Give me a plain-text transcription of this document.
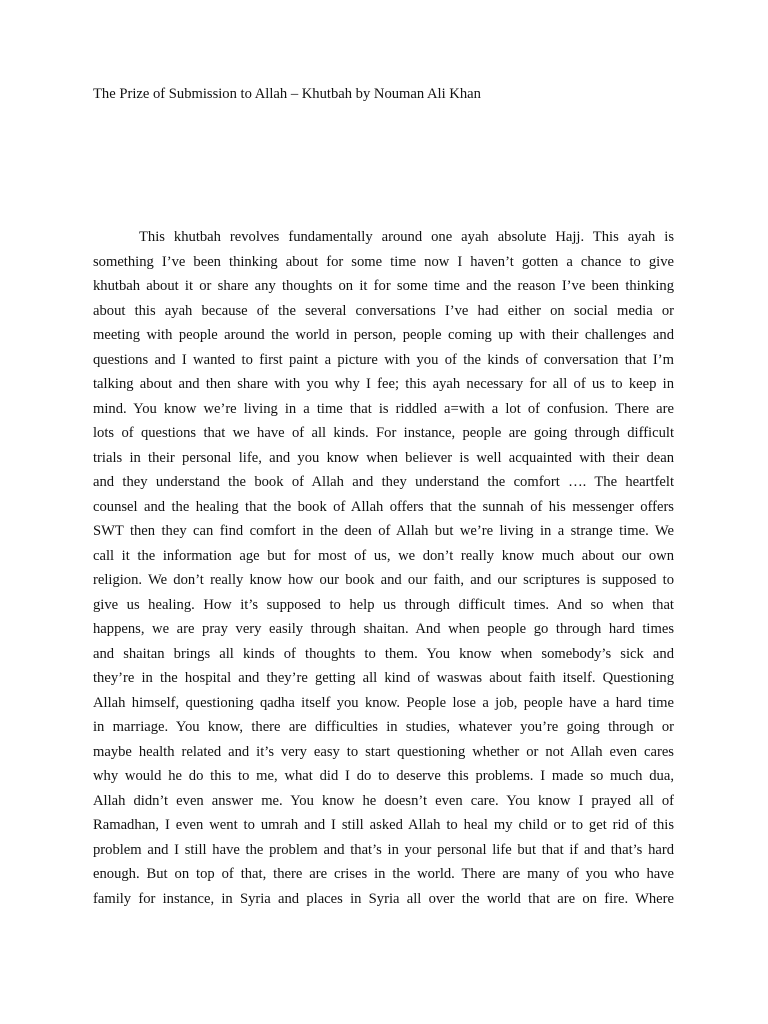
The Prize of Submission to Allah – Khutbah by Nouman Ali Khan
This khutbah revolves fundamentally around one ayah absolute Hajj. This ayah is
something I’ve been thinking about for some time now I haven’t gotten a chance to give
khutbah about it or share any thoughts on it for some time and the reason I’ve been thinking
about this ayah because of the several conversations I’ve had either on social media or
meeting with people around the world in person, people coming up with their challenges and
questions and I wanted to first paint a picture with you of the kinds of conversation that I’m
talking about and then share with you why I fee; this ayah necessary for all of us to keep in
mind. You know we’re living in a time that is riddled a=with a lot of confusion. There are
lots of questions that we have of all kinds. For instance, people are going through difficult
trials in their personal life, and you know when believer is well acquainted with their dean
and they understand the book of Allah and they understand the comfort …. The heartfelt
counsel and the healing that the book of Allah offers that the sunnah of his messenger offers
SWT then they can find comfort in the deen of Allah but we’re living in a strange time. We
call it the information age but for most of us, we don’t really know much about our own
religion. We don’t really know how our book and our faith, and our scriptures is supposed to
give us healing. How it’s supposed to help us through difficult times. And so when that
happens, we are pray very easily through shaitan. And when people go through hard times
and shaitan brings all kinds of thoughts to them. You know when somebody’s sick and
they’re in the hospital and they’re getting all kind of waswas about faith itself. Questioning
Allah himself, questioning qadha itself you know. People lose a job, people have a hard time
in marriage. You know, there are difficulties in studies, whatever you’re going through or
maybe health related and it’s very easy to start questioning whether or not Allah even cares
why would he do this to me, what did I do to deserve this problems. I made so much dua,
Allah didn’t even answer me. You know he doesn’t even care. You know I prayed all of
Ramadhan, I even went to umrah and I still asked Allah to heal my child or to get rid of this
problem and I still have the problem and that’s in your personal life but that if and that’s hard
enough. But on top of that, there are crises in the world. There are many of you who have
family for instance, in Syria and places in Syria all over the world that are on fire. Where
